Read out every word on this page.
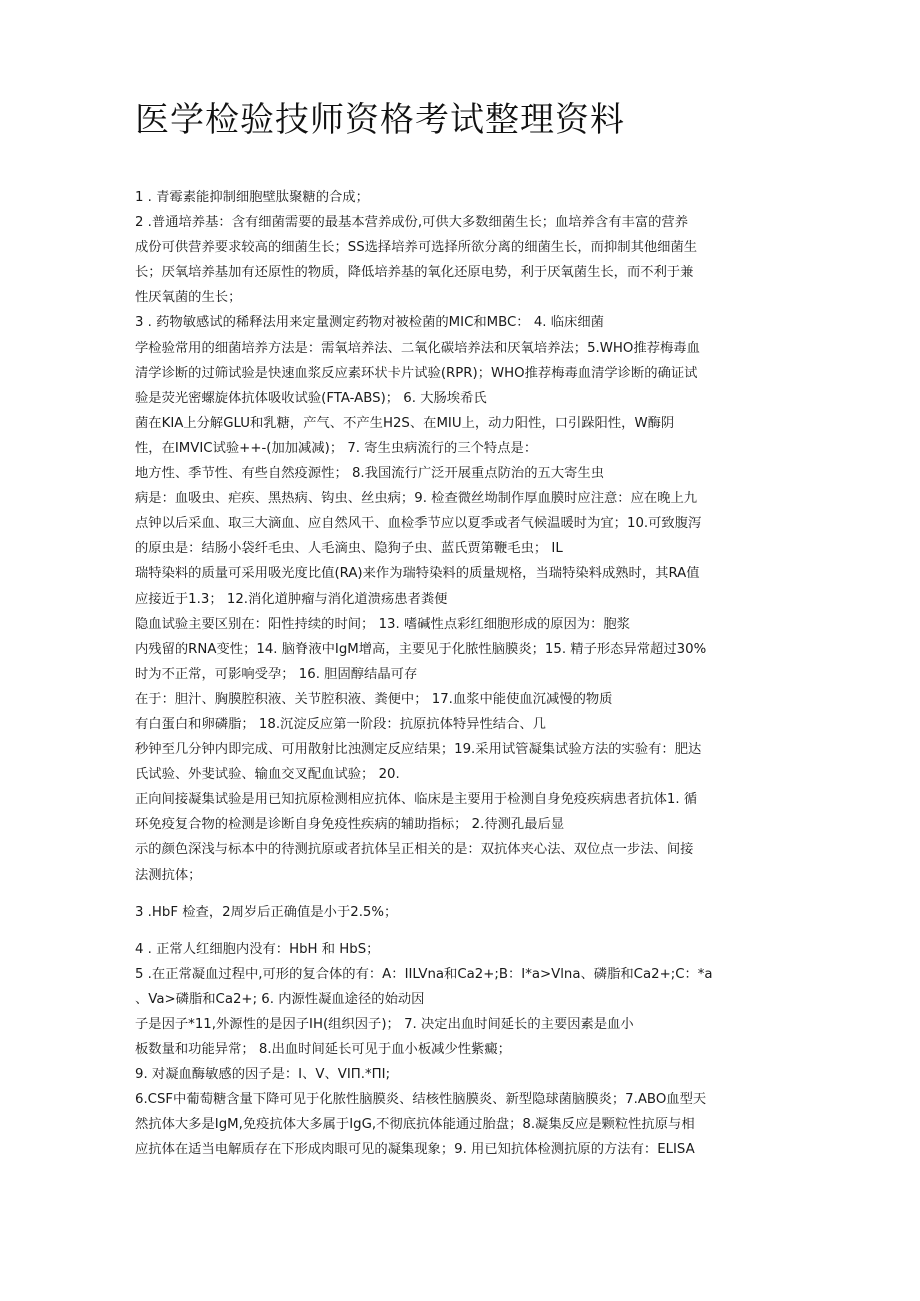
医学检验技师资格考试整理资料
1 . 青霉素能抑制细胞壁肽聚糖的合成；
2 .普通培养基：含有细菌需要的最基本营养成份,可供大多数细菌生长；血培养含有丰富的营养
成份可供营养要求较高的细菌生长；SS选择培养可选择所欲分离的细菌生长，而抑制其他细菌生
长；厌氧培养基加有还原性的物质，降低培养基的氧化还原电势，利于厌氧菌生长，而不利于兼
性厌氧菌的生长；
3 . 药物敏感试的稀释法用来定量测定药物对被检菌的MIC和MBC： 4. 临床细菌
学检验常用的细菌培养方法是：需氧培养法、二氧化碳培养法和厌氧培养法；5.WHO推荐梅毒血
清学诊断的过筛试验是快速血浆反应素环状卡片试验(RPR)；WHO推荐梅毒血清学诊断的确证试
验是荧光密螺旋体抗体吸收试验(FTA-ABS)； 6. 大肠埃希氏
菌在KIA上分解GLU和乳糖，产气、不产生H2S、在MIU上，动力阳性，口引跺阳性，W酶阴
性，在IMVIC试验++-(加加减减)； 7. 寄生虫病流行的三个特点是：
地方性、季节性、有些自然疫源性； 8.我国流行广泛开展重点防治的五大寄生虫
病是：血吸虫、疟疾、黑热病、钩虫、丝虫病；9. 检查微丝坳制作厚血膜时应注意：应在晚上九
点钟以后采血、取三大滴血、应自然风干、血检季节应以夏季或者气候温暖时为宜；10.可致腹泻
的原虫是：结肠小袋纤毛虫、人毛滴虫、隐狗子虫、蓝氏贾第鞭毛虫； IL
瑞特染料的质量可采用吸光度比值(RA)来作为瑞特染料的质量规格，当瑞特染料成熟时，其RA值
应接近于1.3； 12.消化道肿瘤与消化道溃疡患者粪便
隐血试验主要区别在：阳性持续的时间； 13. 嗜碱性点彩红细胞形成的原因为：胞浆
内残留的RNA变性；14. 脑脊液中IgM增高，主要见于化脓性脑膜炎；15. 精子形态异常超过30%
时为不正常，可影响受孕； 16. 胆固醇结晶可存
在于：胆汁、胸膜腔积液、关节腔积液、粪便中； 17.血浆中能使血沉减慢的物质
有白蛋白和卵磷脂； 18.沉淀反应第一阶段：抗原抗体特异性结合、几
秒钟至几分钟内即完成、可用散射比浊测定反应结果；19.采用试管凝集试验方法的实验有：肥达
氏试验、外斐试验、输血交叉配血试验； 20.
正向间接凝集试验是用已知抗原检测相应抗体、临床是主要用于检测自身免疫疾病患者抗体1. 循
环免疫复合物的检测是诊断自身免疫性疾病的辅助指标； 2.待测孔最后显
示的颜色深浅与标本中的待测抗原或者抗体呈正相关的是：双抗体夹心法、双位点一步法、间接
法测抗体；
3 .HbF 检查，2周岁后正确值是小于2.5%；
4 . 正常人红细胞内没有：HbH 和 HbS；
5 .在正常凝血过程中,可形的复合体的有：A：IILVna和Ca2+;B：I*a>Vlna、磷脂和Ca2+;C：*a
、Va>磷脂和Ca2+; 6. 内源性凝血途径的始动因
子是因子*11,外源性的是因子IH(组织因子)； 7. 决定出血时间延长的主要因素是血小
板数量和功能异常； 8.出血时间延长可见于血小板减少性紫癜；
9. 对凝血酶敏感的因子是：I、V、VIΠ.*ΠI;
6.CSF中葡萄糖含量下降可见于化脓性脑膜炎、结核性脑膜炎、新型隐球菌脑膜炎；7.ABO血型天
然抗体大多是IgM,免疫抗体大多属于IgG,不彻底抗体能通过胎盘；8.凝集反应是颗粒性抗原与相
应抗体在适当电解质存在下形成肉眼可见的凝集现象；9. 用已知抗体检测抗原的方法有：ELISA
